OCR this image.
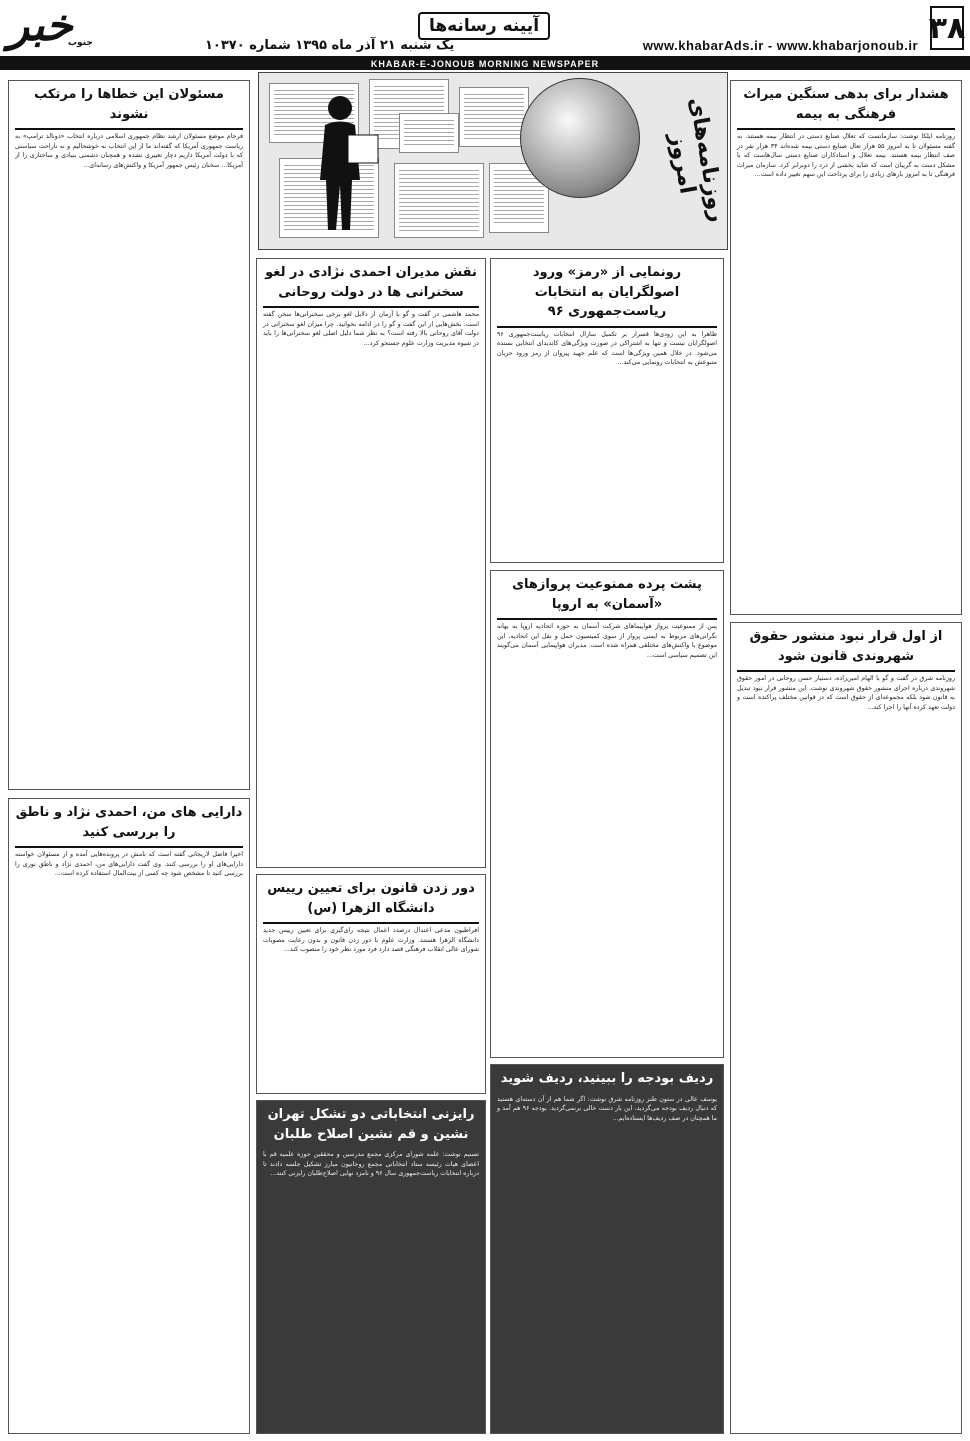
۳۸
www.khabarAds.ir - www.khabarjonoub.ir
آیینه رسانه‌ها
یک شنبه ۲۱ آذر ماه ۱۳۹۵ شماره ۱۰۳۷۰
خبر
جنوب
KHABAR-E-JONOUB MORNING NEWSPAPER
روزنامه‌های امروز
هشدار برای بدهی سنگین میراث فرهنگی به بیمه
روزنامه ایلکا نوشت: سازمانست که تعلال صنایع دستی در انتظار بیمه هستند. به گفته مسئولان تا به امروز ۵۵ هزار تعال صنایع دستی بیمه شده‌اند ۳۴ هزار نفر در صف انتظار بیمه هستند. بیمه تعلال و استادکاران صنایع دستی سال‌هاست که با مشکل دست به گریبان است که شاید بخشی از درد را دوبرابر کرد. سازمان میراث فرهنگی تا به امروز بارهای زیادی را برای پرداخت این سهم تغییر داده است...
از اول قرار نبود منشور حقوق شهروندی قانون شود
روزنامه شرق در گفت و گو با الهام امین‌زاده، دستیار حسن روحانی در امور حقوق شهروندی درباره اجرای منشور حقوق شهروندی نوشت. این منشور قرار نبود تبدیل به قانون شود بلکه مجموعه‌ای از حقوق است که در قوانین مختلف پراکنده است و دولت تعهد کرده آنها را اجرا کند...
مسئولان این خطاها را مرتکب نشوند
فرجام موضع مسئولان ارشد نظام جمهوری اسلامی درباره انتخاب «دونالد ترامپ» به ریاست جمهوری آمریکا که گفته‌اند ما از این انتخاب نه خوشحالیم و نه ناراحت سیاستی که با دولت آمریکا داریم دچار تغییری نشده و همچنان دشمنی بنیادی و ساختاری را از آمریکا... سخنان رئیس جمهور آمریکا و واکنش‌های رسانه‌ای...
دارایی های من، احمدی نژاد و ناطق را بررسی کنید
اخیرا فاضل لاریجانی گفته است که نامش در پرونده‌هایی آمده و از مسئولان خواسته دارایی‌های او را بررسی کنند. وی گفت دارایی‌های من، احمدی نژاد و ناطق نوری را بررسی کنید تا مشخص شود چه کسی از بیت‌المال استفاده کرده است...
رونمایی از «رمز» ورود اصولگرایان به انتخابات ریاست‌جمهوری ۹۶
ظاهرا به این زودی‌ها قسرار بر تکمیل سازال انتخابات ریاست‌جمهوری ۹۶ اصولگرایان نیست و تنها به اشتراکی در صورت ویژگی‌های کاندیدای انتخابی بسنده می‌شود. در خلال همین ویژگی‌ها است که علم جهید پیروان از رمز ورود جریان متبوعش به انتخابات رونمایی می‌کند...
پشت پرده ممنوعیت پروازهای «آسمان» به اروپا
پس از ممنوعیت پرواز هواپیماهای شرکت آسمان به حوزه اتحادیه اروپا به بهانه نگرانی‌های مربوط به ایمنی پرواز از سوی کمیسیون حمل و نقل این اتحادیه، این موضوع با واکنش‌های مختلفی همراه شده است. مدیران هواپیمایی آسمان می‌گویند این تصمیم سیاسی است...
ردیف بودجه را ببینید، ردیف شوید
یوسف عالی در ستون طنز روزنامه شرق نوشت: اگر شما هم از آن دسته‌ای هستید که دنبال ردیف بودجه می‌گردید، این بار دست خالی برنمی‌گردید. بودجه ۹۶ هم آمد و ما همچنان در صف ردیف‌ها ایستاده‌ایم...
نقش مدیران احمدی نژادی در لغو سخنرانی ها در دولت روحانی
محمد هاشمی در گفت و گو با آرمان از دلایل لغو برخی سخنرانی‌ها سخن گفته است. بخش‌هایی از این گفت و گو را در ادامه بخوانید. چرا میزان لغو سخنرانی در دولت آقای روحانی بالا رفته است؟ به نظر شما دلیل اصلی لغو سخنرانی‌ها را باید در شیوه مدیریت وزارت علوم جستجو کرد...
دور زدن قانون برای تعیین رییس دانشگاه الزهرا (س)
افراطیون مدعی اعتدال درصدد اعمال نتیجه رای‌گیری برای تعیین رییس جدید دانشگاه الزهرا هستند. وزارت علوم با دور زدن قانون و بدون رعایت مصوبات شورای عالی انقلاب فرهنگی قصد دارد فرد مورد نظر خود را منصوب کند...
رایزنی انتخاباتی دو تشکل تهران نشین و قم نشین اصلاح طلبان
تسنیم نوشت: علمه شورای مرکزی مجمع مدرسین و محققین حوزه علمیه قم با اعضای هیات رئیسه ستاد انتخاباتی مجمع روحانیون مبارز تشکیل جلسه دادند تا درباره انتخابات ریاست‌جمهوری سال ۹۶ و نامزد نهایی اصلاح‌طلبان رایزنی کنند...
